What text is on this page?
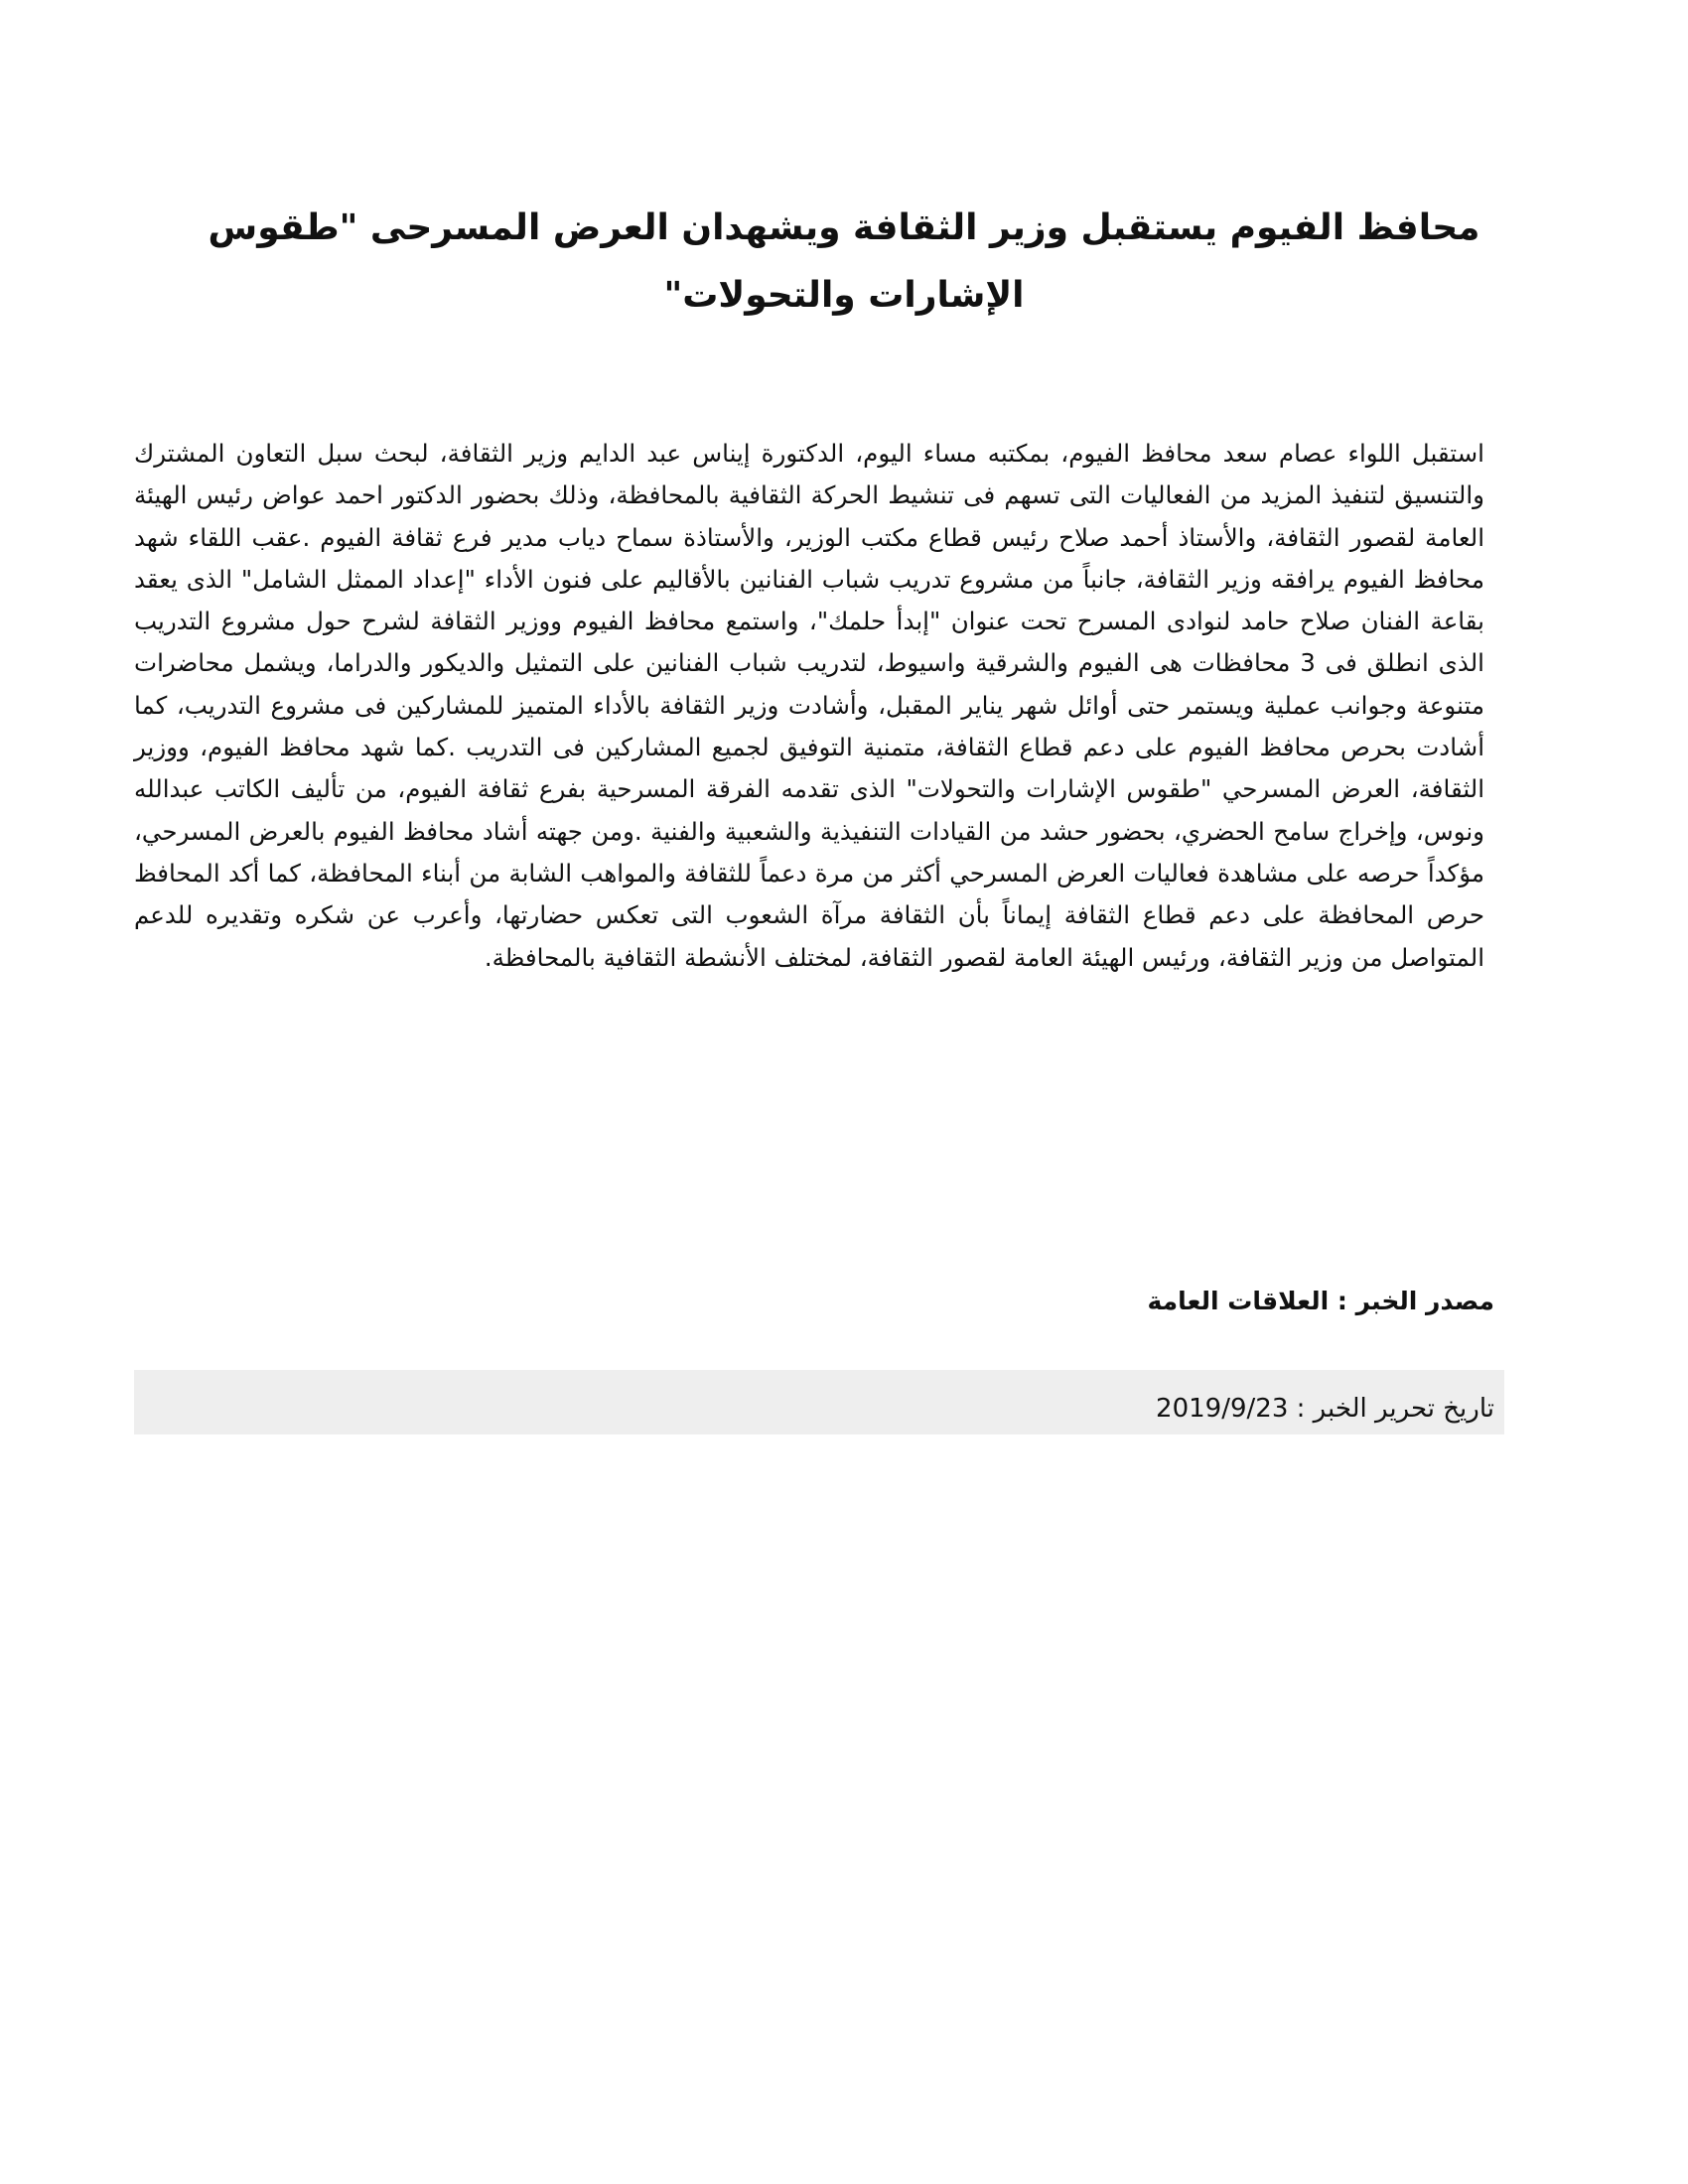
محافظ الفيوم يستقبل وزير الثقافة ويشهدان العرض المسرحى "طقوس الإشارات والتحولات"

استقبل اللواء عصام سعد محافظ الفيوم، بمكتبه مساء اليوم، الدكتورة إيناس عبد الدايم وزير الثقافة، لبحث سبل التعاون المشترك والتنسيق لتنفيذ المزيد من الفعاليات التى تسهم فى تنشيط الحركة الثقافية بالمحافظة، وذلك بحضور الدكتور احمد عواض رئيس الهيئة العامة لقصور الثقافة، والأستاذ أحمد صلاح رئيس قطاع مكتب الوزير، والأستاذة سماح دياب مدير فرع ثقافة الفيوم .عقب اللقاء شهد محافظ الفيوم يرافقه وزير الثقافة، جانباً من مشروع تدريب شباب الفنانين بالأقاليم على فنون الأداء "إعداد الممثل الشامل" الذى يعقد بقاعة الفنان صلاح حامد لنوادى المسرح تحت عنوان "إبدأ حلمك"، واستمع محافظ الفيوم ووزير الثقافة لشرح حول مشروع التدريب الذى انطلق فى 3 محافظات هى الفيوم والشرقية واسيوط، لتدريب شباب الفنانين على التمثيل والديكور والدراما، ويشمل محاضرات متنوعة وجوانب عملية ويستمر حتى أوائل شهر يناير المقبل، وأشادت وزير الثقافة بالأداء المتميز للمشاركين فى مشروع التدريب، كما أشادت بحرص محافظ الفيوم على دعم قطاع الثقافة، متمنية التوفيق لجميع المشاركين فى التدريب .كما شهد محافظ الفيوم، ووزير الثقافة، العرض المسرحي "طقوس الإشارات والتحولات" الذى تقدمه الفرقة المسرحية بفرع ثقافة الفيوم، من تأليف الكاتب عبدالله ونوس، وإخراج سامح الحضري، بحضور حشد من القيادات التنفيذية والشعبية والفنية .ومن جهته أشاد محافظ الفيوم بالعرض المسرحي، مؤكداً حرصه على مشاهدة فعاليات العرض المسرحي أكثر من مرة دعماً للثقافة والمواهب الشابة من أبناء المحافظة، كما أكد المحافظ حرص المحافظة على دعم قطاع الثقافة إيماناً بأن الثقافة مرآة الشعوب التى تعكس حضارتها، وأعرب عن شكره وتقديره للدعم المتواصل من وزير الثقافة، ورئيس الهيئة العامة لقصور الثقافة، لمختلف الأنشطة الثقافية بالمحافظة.

مصدر الخبر : العلاقات العامة

تاريخ تحرير الخبر : 2019/9/23
